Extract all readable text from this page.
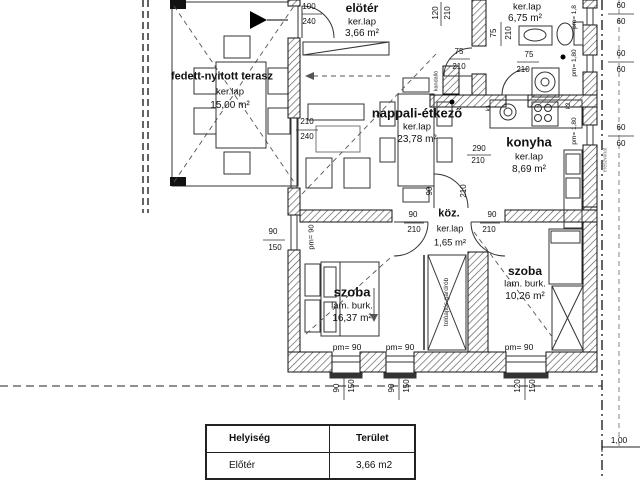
fedett-nyitott terasz
ker.lap
15,00 m²
elötér
ker.lap
3,66 m²
ker.lap
6,75 m²
nappali-étkező
ker.lap
23,78 m²	konyha
ker.lap
8,69 m²
köz.
ker.lap
1,65 m²
szoba
lam. burk.
16,37 m²
szoba
lam. burk.
10,26 m²
100
240
210
240
90
150	pm= 90
290
210
75
210
75
210
75 210
120 210
90	210
90	90
210	210
60
60
60
60
60
60
pm= 1,8
pm= 1,80
pm= 1,80
pm= 90	pm= 90	pm= 90
90 150	90 150	120 150
1,00
kandalló
tolóajtós gardrób
k1	k2
ereszvonal
Helyiség	Terület
Előtér	3,66 m2
